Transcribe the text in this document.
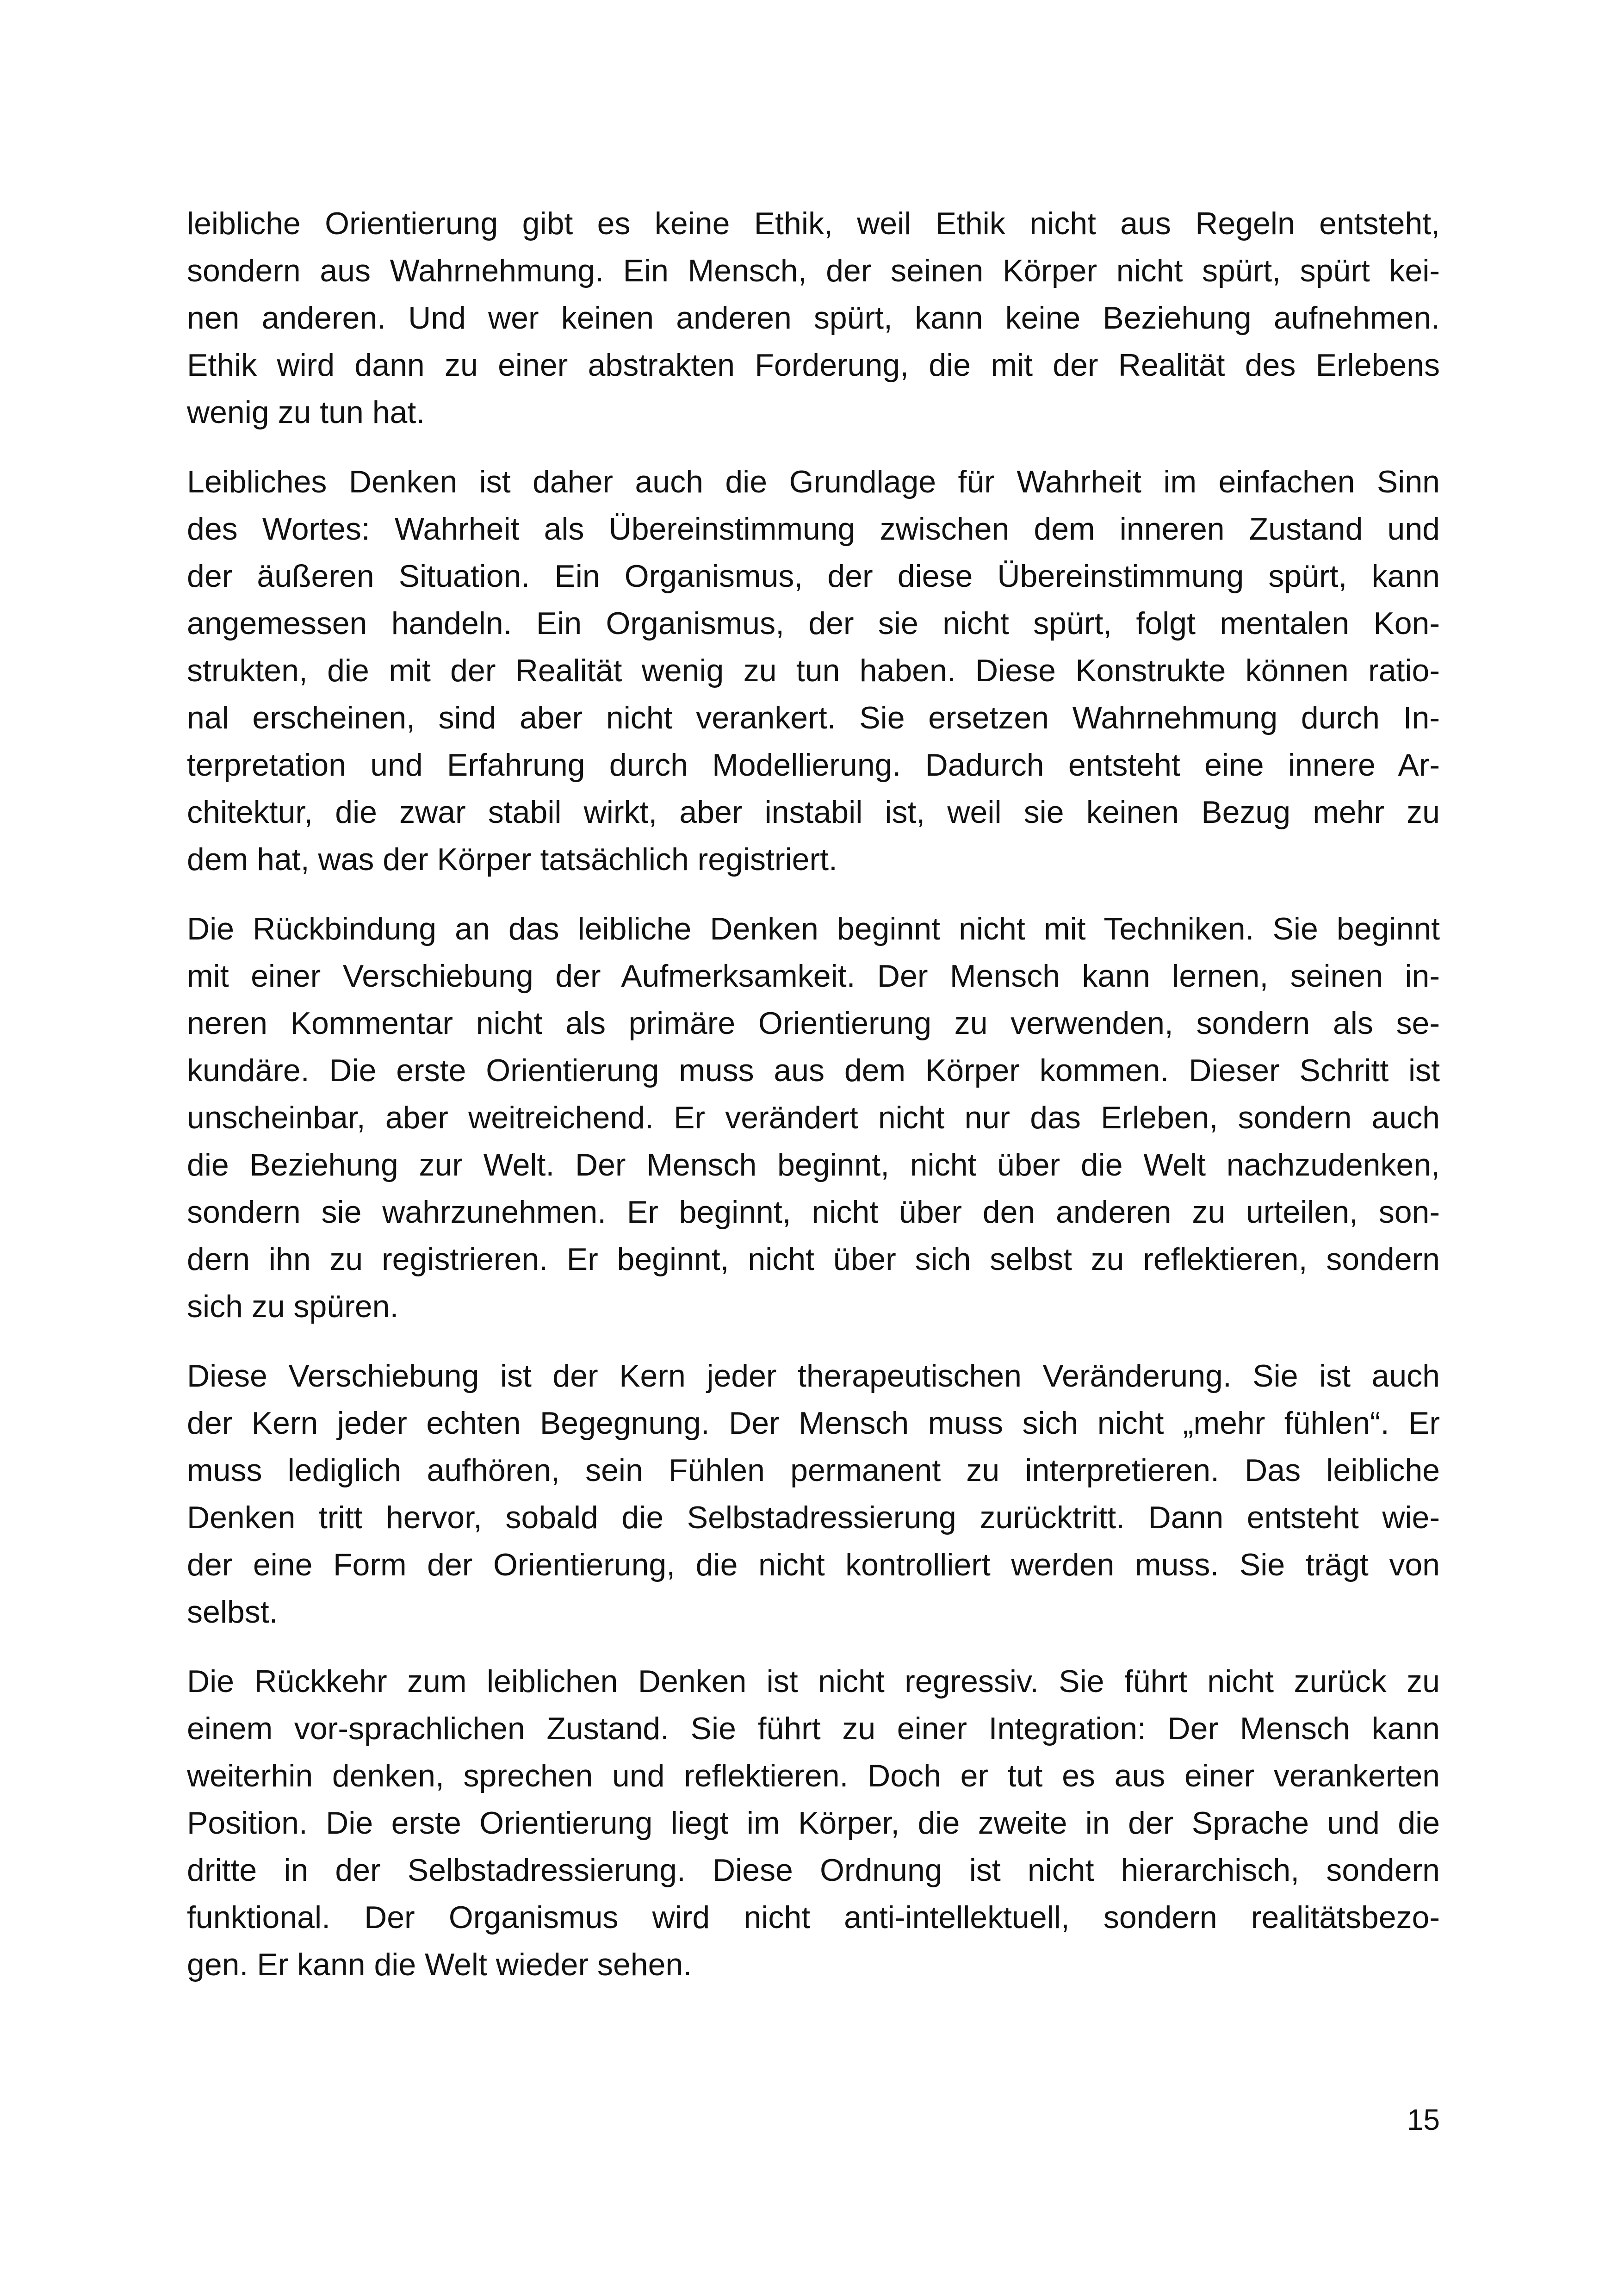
leibliche Orientierung gibt es keine Ethik, weil Ethik nicht aus Regeln entsteht,
sondern aus Wahrnehmung. Ein Mensch, der seinen Körper nicht spürt, spürt kei-
nen anderen. Und wer keinen anderen spürt, kann keine Beziehung aufnehmen.
Ethik wird dann zu einer abstrakten Forderung, die mit der Realität des Erlebens
wenig zu tun hat.

Leibliches Denken ist daher auch die Grundlage für Wahrheit im einfachen Sinn
des Wortes: Wahrheit als Übereinstimmung zwischen dem inneren Zustand und
der äußeren Situation. Ein Organismus, der diese Übereinstimmung spürt, kann
angemessen handeln. Ein Organismus, der sie nicht spürt, folgt mentalen Kon-
strukten, die mit der Realität wenig zu tun haben. Diese Konstrukte können ratio-
nal erscheinen, sind aber nicht verankert. Sie ersetzen Wahrnehmung durch In-
terpretation und Erfahrung durch Modellierung. Dadurch entsteht eine innere Ar-
chitektur, die zwar stabil wirkt, aber instabil ist, weil sie keinen Bezug mehr zu
dem hat, was der Körper tatsächlich registriert.

Die Rückbindung an das leibliche Denken beginnt nicht mit Techniken. Sie beginnt
mit einer Verschiebung der Aufmerksamkeit. Der Mensch kann lernen, seinen in-
neren Kommentar nicht als primäre Orientierung zu verwenden, sondern als se-
kundäre. Die erste Orientierung muss aus dem Körper kommen. Dieser Schritt ist
unscheinbar, aber weitreichend. Er verändert nicht nur das Erleben, sondern auch
die Beziehung zur Welt. Der Mensch beginnt, nicht über die Welt nachzudenken,
sondern sie wahrzunehmen. Er beginnt, nicht über den anderen zu urteilen, son-
dern ihn zu registrieren. Er beginnt, nicht über sich selbst zu reflektieren, sondern
sich zu spüren.

Diese Verschiebung ist der Kern jeder therapeutischen Veränderung. Sie ist auch
der Kern jeder echten Begegnung. Der Mensch muss sich nicht „mehr fühlen“. Er
muss lediglich aufhören, sein Fühlen permanent zu interpretieren. Das leibliche
Denken tritt hervor, sobald die Selbstadressierung zurücktritt. Dann entsteht wie-
der eine Form der Orientierung, die nicht kontrolliert werden muss. Sie trägt von
selbst.

Die Rückkehr zum leiblichen Denken ist nicht regressiv. Sie führt nicht zurück zu
einem vor-sprachlichen Zustand. Sie führt zu einer Integration: Der Mensch kann
weiterhin denken, sprechen und reflektieren. Doch er tut es aus einer verankerten
Position. Die erste Orientierung liegt im Körper, die zweite in der Sprache und die
dritte in der Selbstadressierung. Diese Ordnung ist nicht hierarchisch, sondern
funktional. Der Organismus wird nicht anti-intellektuell, sondern realitätsbezo-
gen. Er kann die Welt wieder sehen.

15
